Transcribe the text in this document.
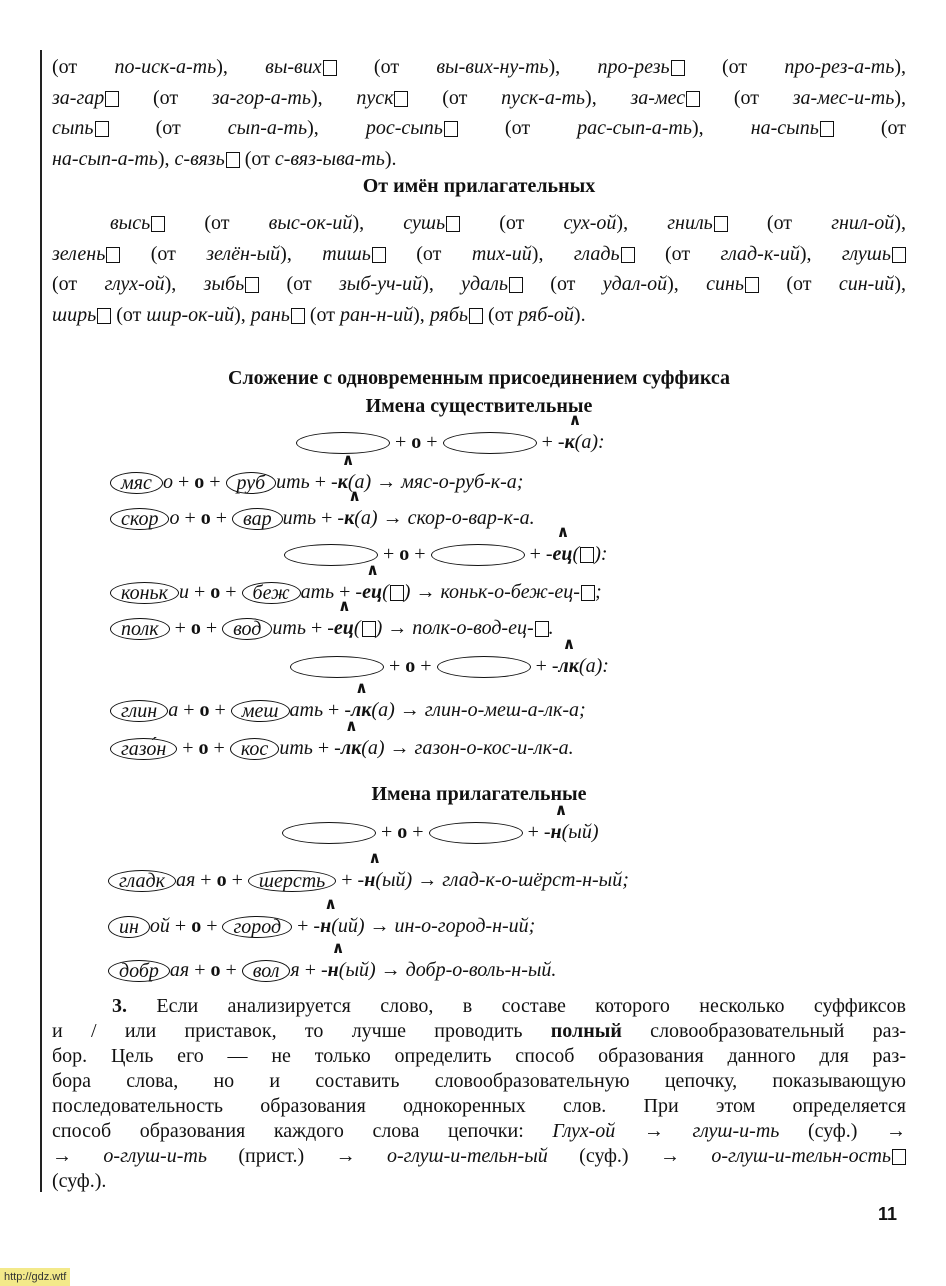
(от по-иск-а-ть), вы-вих (от вы-вих-ну-ть), про-резь (от про-рез-а-ть),
за-гар (от за-гор-а-ть), пуск (от пуск-а-ть), за-мес (от за-мес-и-ть),
сыпь (от сып-а-ть), рос-сыпь (от рас-сып-а-ть), на-сыпь (от
на-сып-а-ть), с-вязь (от с-вяз-ыва-ть).
От имён прилагательных
высь (от выс-ок-ий), сушь (от сух-ой), гниль (от гнил-ой),
зелень (от зелён-ый), тишь (от тих-ий), гладь (от глад-к-ий), глушь
(от глух-ой), зыбь (от зыб-уч-ий), удаль (от удал-ой), синь (от син-ий),
ширь (от шир-ок-ий), рань (от ран-н-ий), рябь (от ряб-ой).
Сложение с одновременным присоединением суффикса
Имена существительные
+ о +	+ -
∧
к(а):
мяс о + о + руб ить + -
∧
к(а) → мяс-о-руб-к-а;
скор о + о + вар ить + -
∧
к(а) → скор-о-вар-к-а.
+ о +	+ -
∧
ец( ):
коньк и + о + беж ать + -
∧
ец( ) → коньк-о-беж-ец- ;
полк + о + вод ить + -
∧
ец( ) → полк-о-вод-ец- .
+ о +	+ -
∧
лк(а):
глин а + о + меш ать + -
∧
лк(а) → глин-о-меш-а-лк-а;
газо́н + о + кос ить + -
∧
лк(а) → газон-о-кос-и-лк-а.
+ о +	+ -
∧
н(ый)
гладк ая + о + шерсть + -
∧
н(ый) → глад-к-о-шёрст-н-ый;
ин ой + о + город + -
∧
н(ий) → ин-о-город-н-ий;
добр ая + о + вол я + -
∧
н(ый) → добр-о-воль-н-ый.
Имена прилагательные
3. Если анализируется слово, в составе которого несколько суффиксов
и / или приставок, то лучше проводить полный словообразовательный раз-
бор. Цель его — не только определить способ образования данного для раз-
бора слова, но и составить словообразовательную цепочку, показывающую
последовательность образования однокоренных слов. При этом определяется
способ образования каждого слова цепочки: Глух-ой → глуш-и-ть (суф.) →
→ о-глуш-и-ть (прист.) → о-глуш-и-тельн-ый (суф.) → о-глуш-и-тельн-ость
(суф.).
11
http://gdz.wtf
